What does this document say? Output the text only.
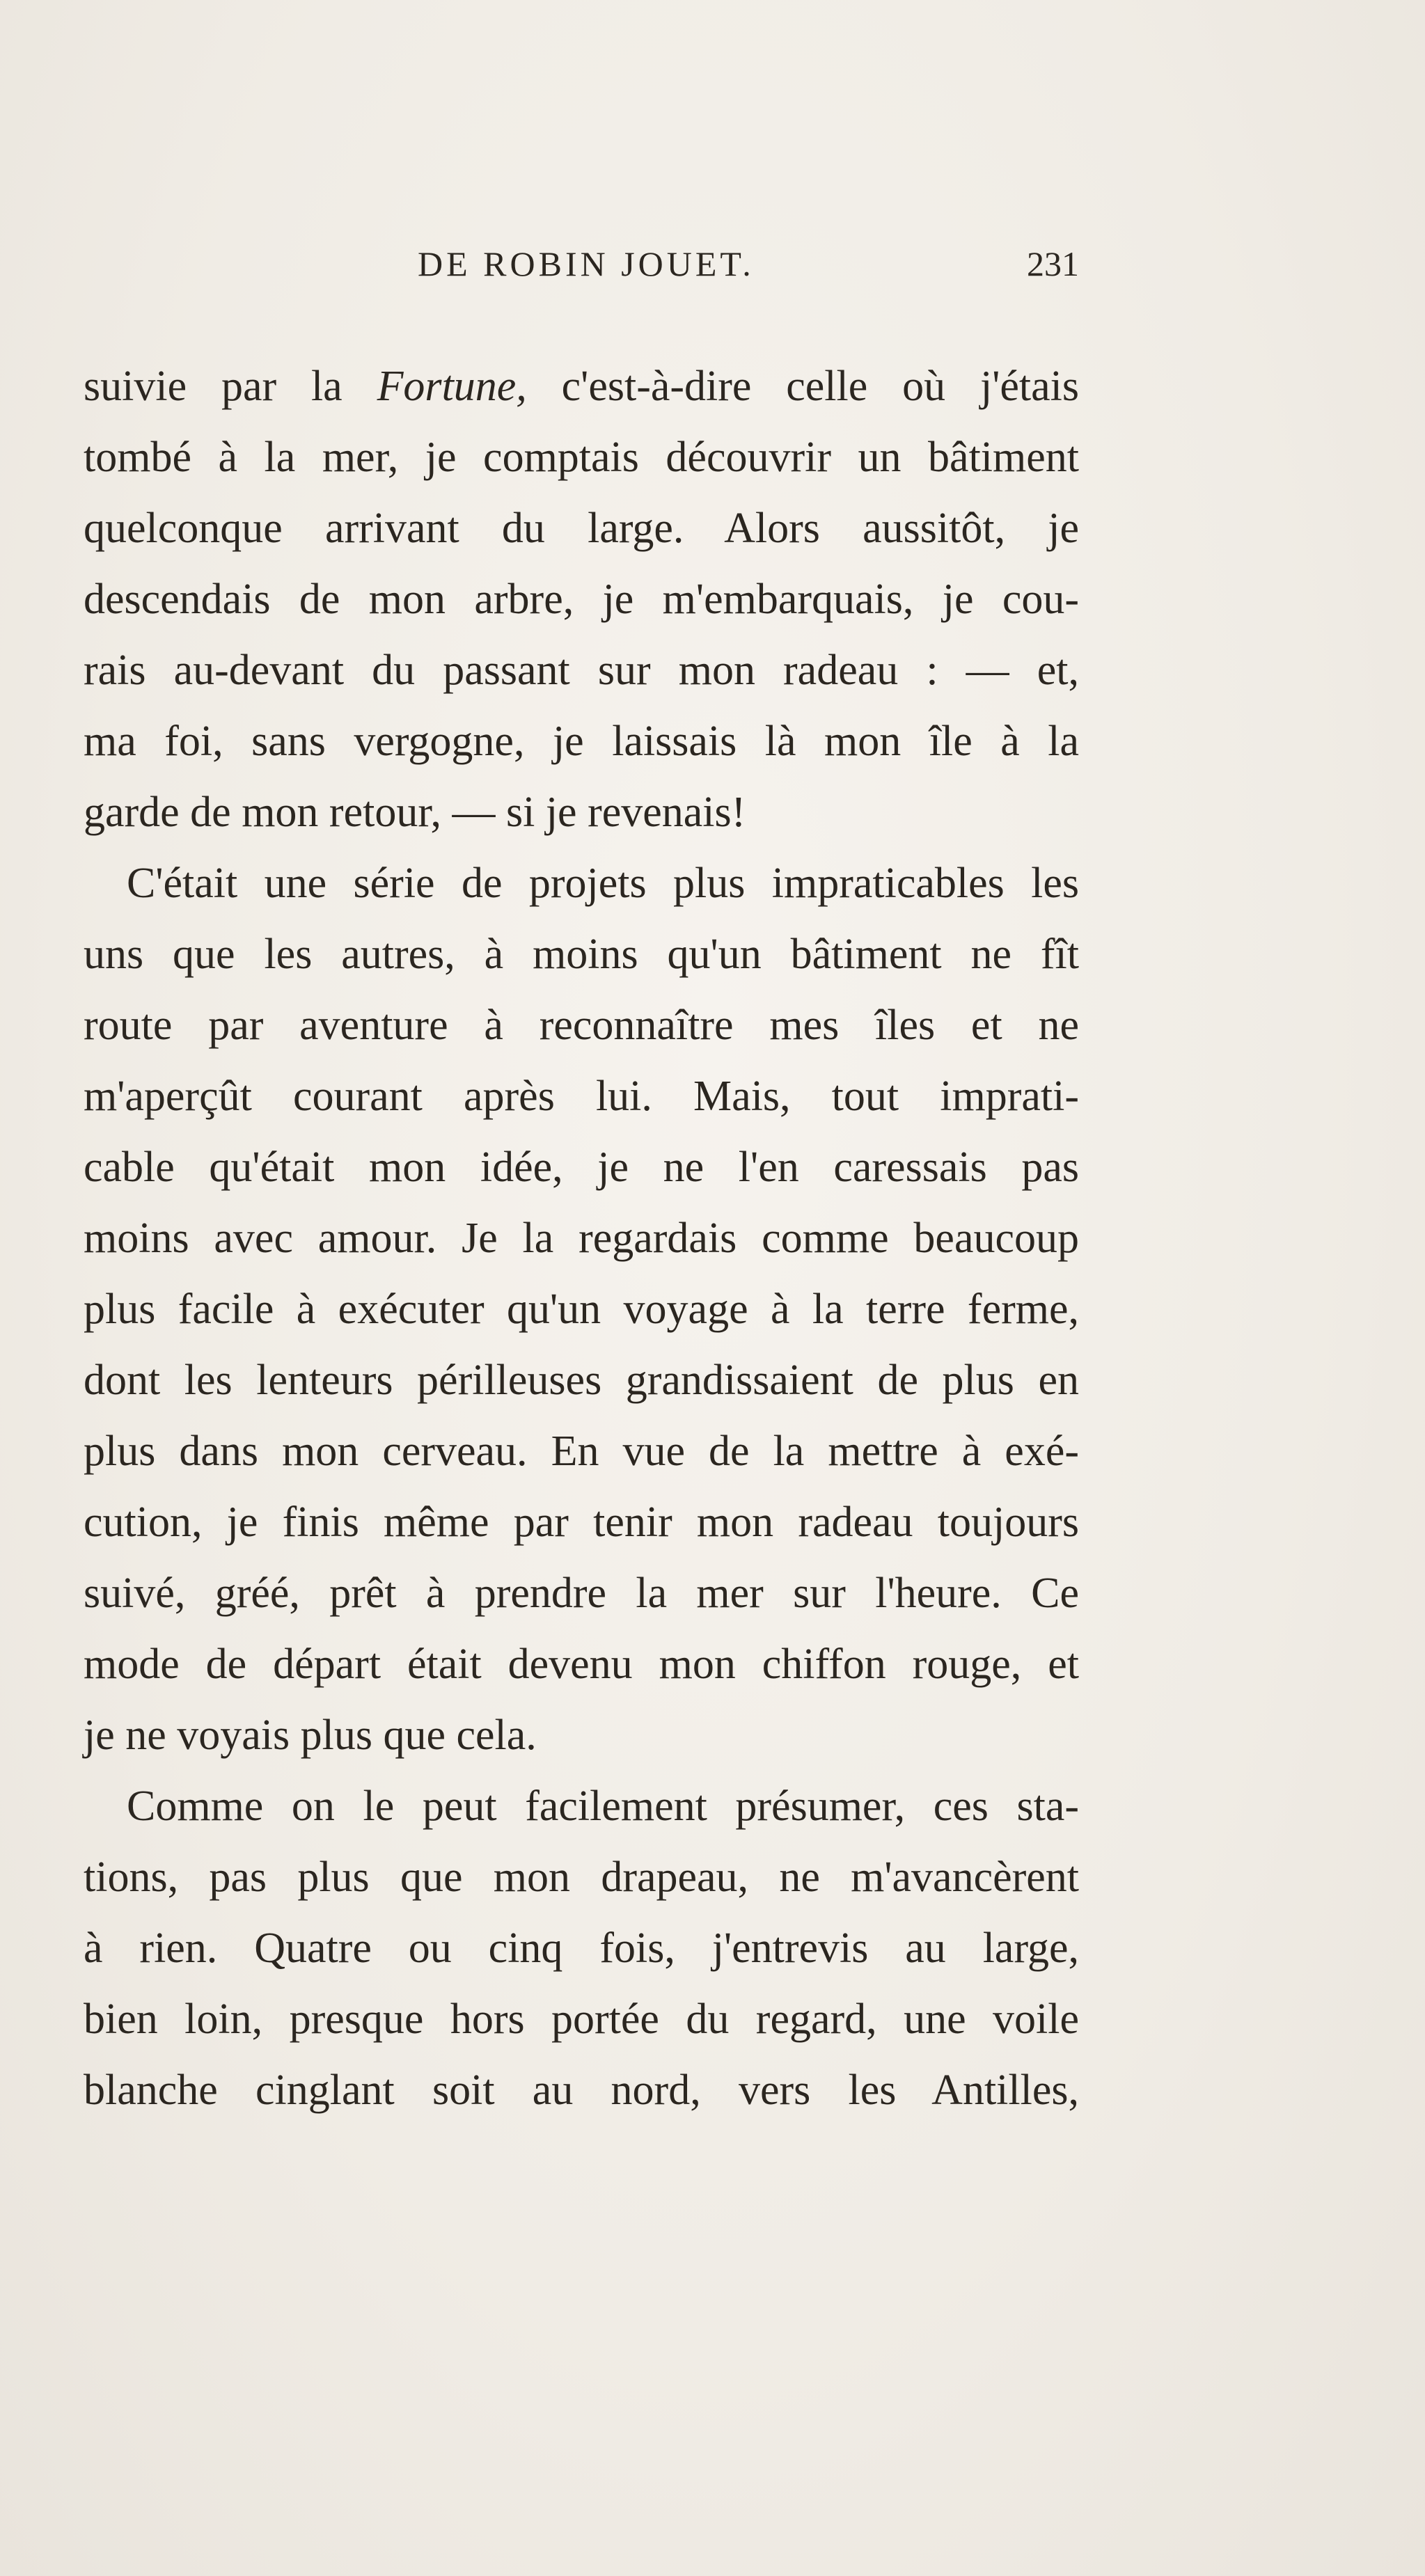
DE ROBIN JOUET.	231

suivie par la Fortune, c'est-à-dire celle où j'étais
tombé à la mer, je comptais découvrir un bâtiment
quelconque arrivant du large. Alors aussitôt, je
descendais de mon arbre, je m'embarquais, je cou-
rais au-devant du passant sur mon radeau : — et,
ma foi, sans vergogne, je laissais là mon île à la
garde de mon retour, — si je revenais!

C'était une série de projets plus impraticables les
uns que les autres, à moins qu'un bâtiment ne fît
route par aventure à reconnaître mes îles et ne
m'aperçût courant après lui. Mais, tout imprati-
cable qu'était mon idée, je ne l'en caressais pas
moins avec amour. Je la regardais comme beaucoup
plus facile à exécuter qu'un voyage à la terre ferme,
dont les lenteurs périlleuses grandissaient de plus en
plus dans mon cerveau. En vue de la mettre à exé-
cution, je finis même par tenir mon radeau toujours
suivé, gréé, prêt à prendre la mer sur l'heure. Ce
mode de départ était devenu mon chiffon rouge, et
je ne voyais plus que cela.

Comme on le peut facilement présumer, ces sta-
tions, pas plus que mon drapeau, ne m'avancèrent
à rien. Quatre ou cinq fois, j'entrevis au large,
bien loin, presque hors portée du regard, une voile
blanche cinglant soit au nord, vers les Antilles,
